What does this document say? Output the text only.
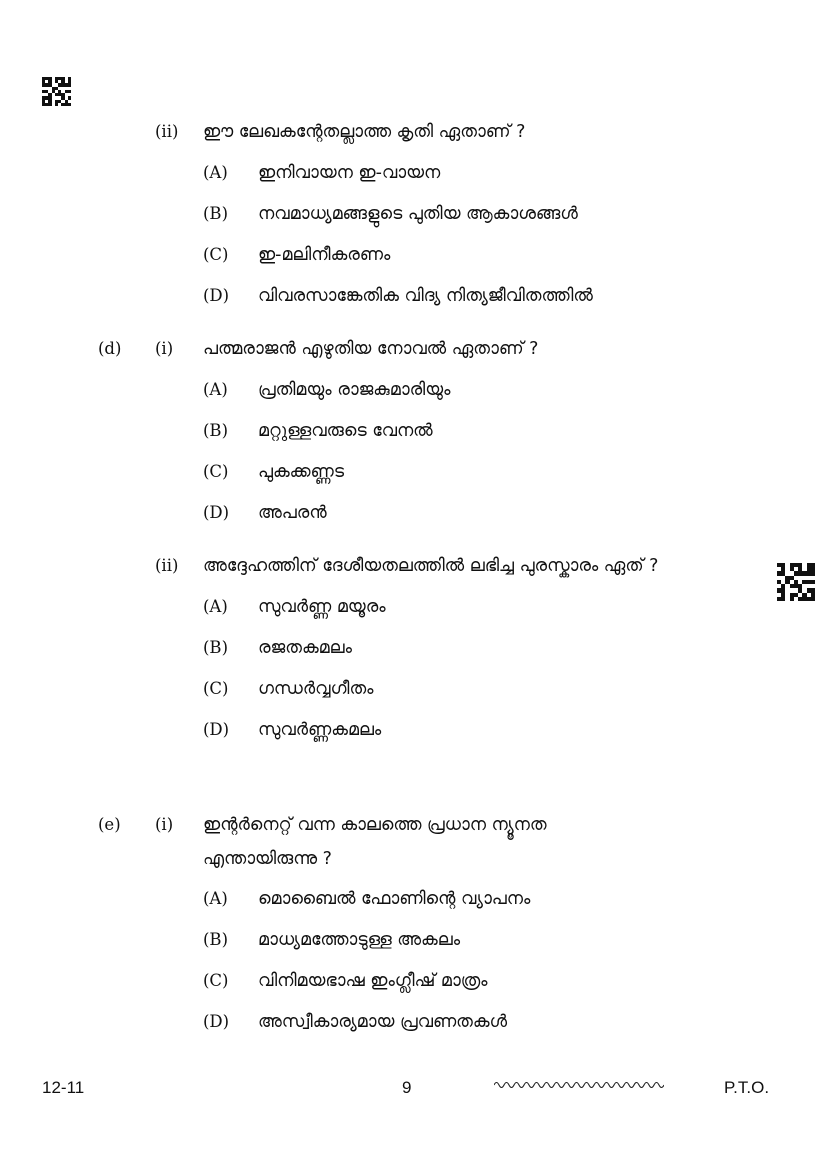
(ii) ഈ ലേഖകന്റേതല്ലാത്ത കൃതി ഏതാണ് ?
(A) ഇനിവായന ഇ-വായന
(B) നവമാധ്യമങ്ങളുടെ പുതിയ ആകാശങ്ങൾ
(C) ഇ-മലിനീകരണം
(D) വിവരസാങ്കേതിക വിദ്യ നിത്യജീവിതത്തിൽ
(d) (i) പത്മരാജൻ എഴുതിയ നോവൽ ഏതാണ് ?
(A) പ്രതിമയും രാജകുമാരിയും
(B) മറ്റുള്ളവരുടെ വേനൽ
(C) പുകക്കണ്ണട
(D) അപരൻ
(ii) അദ്ദേഹത്തിന് ദേശീയതലത്തിൽ ലഭിച്ച പുരസ്കാരം ഏത് ?
(A) സുവർണ്ണ മയൂരം
(B) രജതകമലം
(C) ഗന്ധർവ്വഗീതം
(D) സുവർണ്ണകമലം
(e) (i) ഇന്റർനെറ്റ് വന്ന കാലത്തെ പ്രധാന ന്യൂനത
എന്തായിരുന്നു ?
(A) മൊബൈൽ ഫോണിന്റെ വ്യാപനം
(B) മാധ്യമത്തോടുള്ള അകലം
(C) വിനിമയഭാഷ ഇംഗ്ലീഷ് മാത്രം
(D) അസ്വീകാര്യമായ പ്രവണതകൾ
12-11	9	P.T.O.
